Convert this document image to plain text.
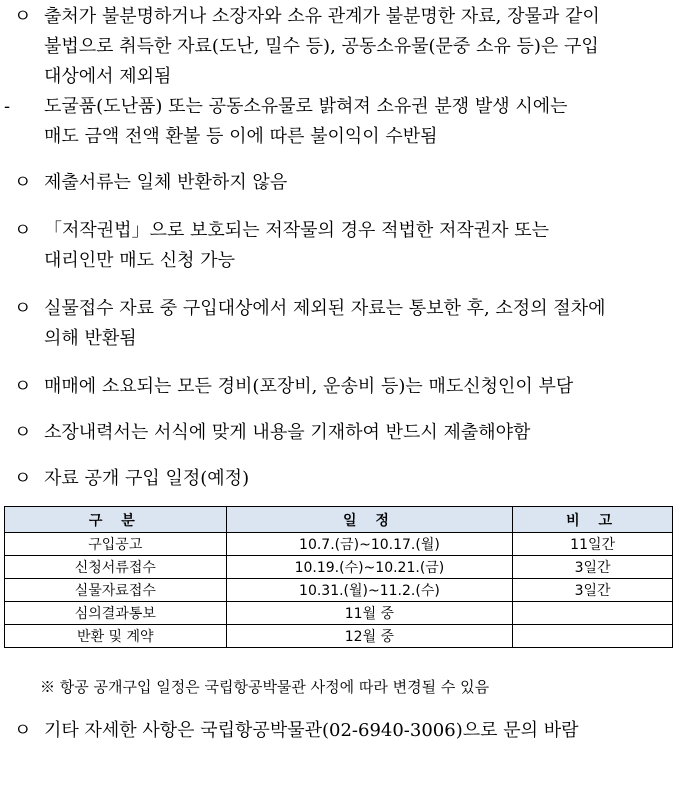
ㅇ 출처가 불분명하거나 소장자와 소유 관계가 불분명한 자료, 장물과 같이
불법으로 취득한 자료(도난, 밀수 등), 공동소유물(문중 소유 등)은 구입
대상에서 제외됨
-	도굴품(도난품) 또는 공동소유물로 밝혀져 소유권 분쟁 발생 시에는
매도 금액 전액 환불 등 이에 따른 불이익이 수반됨
ㅇ 제출서류는 일체 반환하지 않음
ㅇ 「저작권법」으로 보호되는 저작물의 경우 적법한 저작권자 또는
대리인만 매도 신청 가능
ㅇ 실물접수 자료 중 구입대상에서 제외된 자료는 통보한 후, 소정의 절차에
의해 반환됨
ㅇ 매매에 소요되는 모든 경비(포장비, 운송비 등)는 매도신청인이 부담
ㅇ 소장내력서는 서식에 맞게 내용을 기재하여 반드시 제출해야함
ㅇ 자료 공개 구입 일정(예정)
구 분	일 정	비 고
구입공고	10.7.(금)~10.17.(월)	11일간
신청서류접수	10.19.(수)~10.21.(금)	3일간
실물자료접수	10.31.(월)~11.2.(수)	3일간
심의결과통보	11월 중	
반환 및 계약	12월 중	
※ 항공 공개구입 일정은 국립항공박물관 사정에 따라 변경될 수 있음
ㅇ 기타 자세한 사항은 국립항공박물관(02-6940-3006)으로 문의 바람
